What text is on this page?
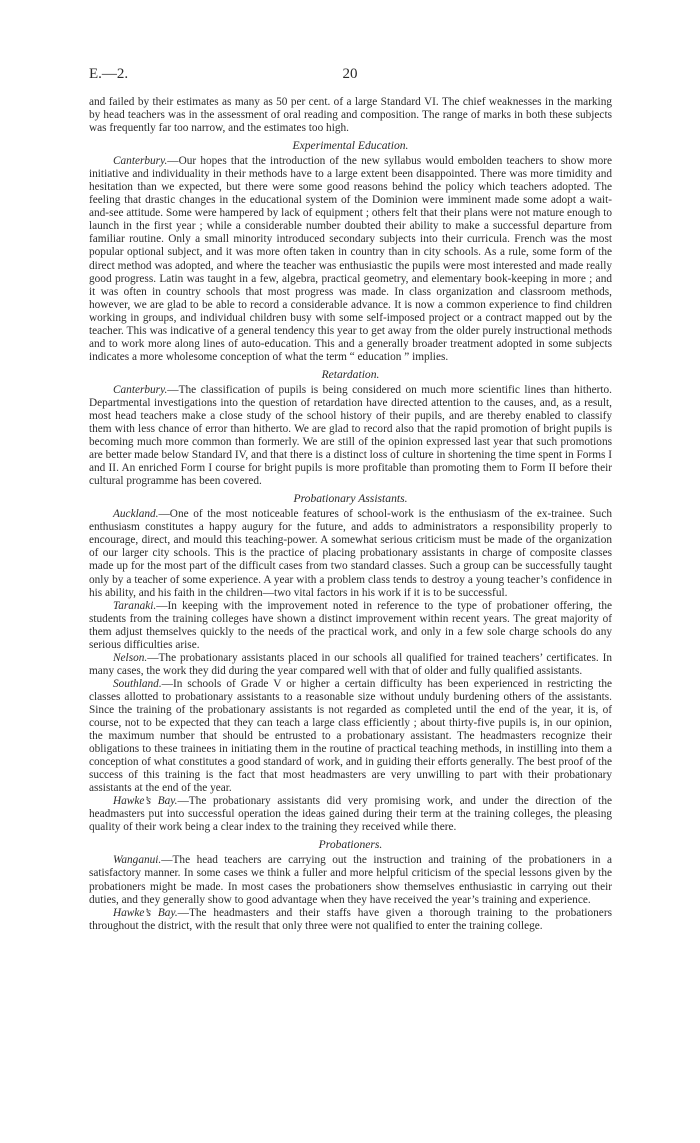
E.—2.	20

and failed by their estimates as many as 50 per cent. of a large Standard VI. The chief weaknesses in the marking by head teachers was in the assessment of oral reading and composition. The range of marks in both these subjects was frequently far too narrow, and the estimates too high.

Experimental Education.

Canterbury.—Our hopes that the introduction of the new syllabus would embolden teachers to show more initiative and individuality in their methods have to a large extent been disappointed. There was more timidity and hesitation than we expected, but there were some good reasons behind the policy which teachers adopted. The feeling that drastic changes in the educational system of the Dominion were imminent made some adopt a wait-and-see attitude. Some were hampered by lack of equipment ; others felt that their plans were not mature enough to launch in the first year ; while a considerable number doubted their ability to make a successful departure from familiar routine. Only a small minority introduced secondary subjects into their curricula. French was the most popular optional subject, and it was more often taken in country than in city schools. As a rule, some form of the direct method was adopted, and where the teacher was enthusiastic the pupils were most interested and made really good progress. Latin was taught in a few, algebra, practical geometry, and elementary book-keeping in more ; and it was often in country schools that most progress was made. In class organization and classroom methods, however, we are glad to be able to record a considerable advance. It is now a common experience to find children working in groups, and individual children busy with some self-imposed project or a contract mapped out by the teacher. This was indicative of a general tendency this year to get away from the older purely instructional methods and to work more along lines of auto-education. This and a generally broader treatment adopted in some subjects indicates a more wholesome conception of what the term “ education ” implies.

Retardation.

Canterbury.—The classification of pupils is being considered on much more scientific lines than hitherto. Departmental investigations into the question of retardation have directed attention to the causes, and, as a result, most head teachers make a close study of the school history of their pupils, and are thereby enabled to classify them with less chance of error than hitherto. We are glad to record also that the rapid promotion of bright pupils is becoming much more common than formerly. We are still of the opinion expressed last year that such promotions are better made below Standard IV, and that there is a distinct loss of culture in shortening the time spent in Forms I and II. An enriched Form I course for bright pupils is more profitable than promoting them to Form II before their cultural programme has been covered.

Probationary Assistants.

Auckland.—One of the most noticeable features of school-work is the enthusiasm of the ex-trainee. Such enthusiasm constitutes a happy augury for the future, and adds to administrators a responsibility properly to encourage, direct, and mould this teaching-power. A somewhat serious criticism must be made of the organization of our larger city schools. This is the practice of placing probationary assistants in charge of composite classes made up for the most part of the difficult cases from two standard classes. Such a group can be successfully taught only by a teacher of some experience. A year with a problem class tends to destroy a young teacher’s confidence in his ability, and his faith in the children—two vital factors in his work if it is to be successful.

Taranaki.—In keeping with the improvement noted in reference to the type of probationer offering, the students from the training colleges have shown a distinct improvement within recent years. The great majority of them adjust themselves quickly to the needs of the practical work, and only in a few sole charge schools do any serious difficulties arise.

Nelson.—The probationary assistants placed in our schools all qualified for trained teachers’ certificates. In many cases, the work they did during the year compared well with that of older and fully qualified assistants.

Southland.—In schools of Grade V or higher a certain difficulty has been experienced in restricting the classes allotted to probationary assistants to a reasonable size without unduly burdening others of the assistants. Since the training of the probationary assistants is not regarded as completed until the end of the year, it is, of course, not to be expected that they can teach a large class efficiently ; about thirty-five pupils is, in our opinion, the maximum number that should be entrusted to a probationary assistant. The headmasters recognize their obligations to these trainees in initiating them in the routine of practical teaching methods, in instilling into them a conception of what constitutes a good standard of work, and in guiding their efforts generally. The best proof of the success of this training is the fact that most headmasters are very unwilling to part with their probationary assistants at the end of the year.

Hawke’s Bay.—The probationary assistants did very promising work, and under the direction of the headmasters put into successful operation the ideas gained during their term at the training colleges, the pleasing quality of their work being a clear index to the training they received while there.

Probationers.

Wanganui.—The head teachers are carrying out the instruction and training of the probationers in a satisfactory manner. In some cases we think a fuller and more helpful criticism of the special lessons given by the probationers might be made. In most cases the probationers show themselves enthusiastic in carrying out their duties, and they generally show to good advantage when they have received the year’s training and experience.

Hawke’s Bay.—The headmasters and their staffs have given a thorough training to the probationers throughout the district, with the result that only three were not qualified to enter the training college.
